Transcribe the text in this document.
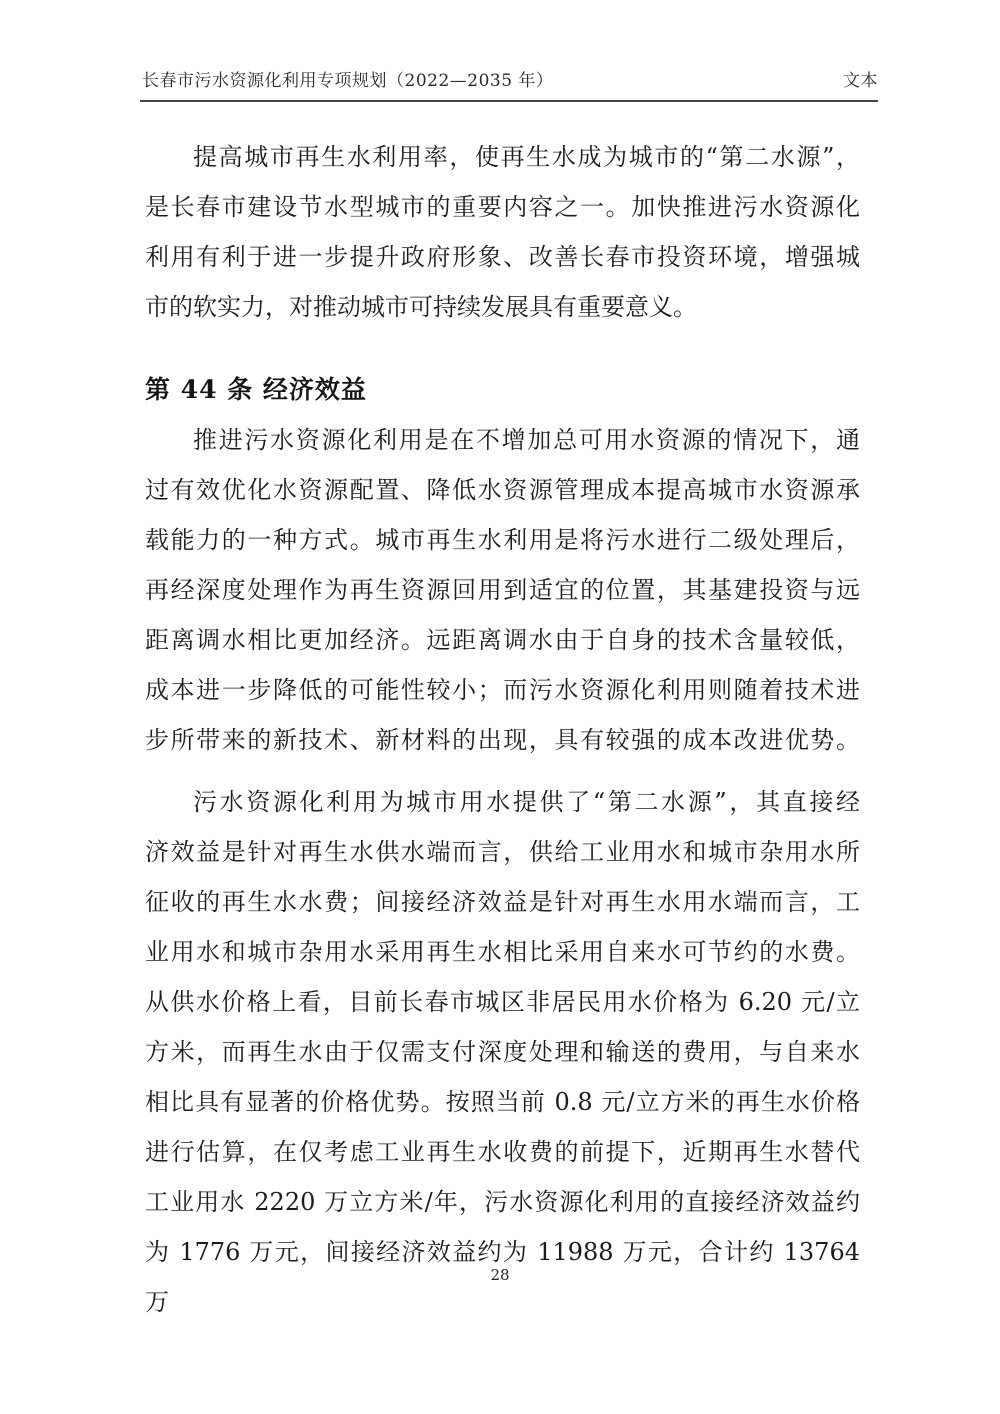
长春市污水资源化利用专项规划（2022—2035 年）	文本
提高城市再生水利用率，使再生水成为城市的“第二水源”，
是长春市建设节水型城市的重要内容之一。加快推进污水资源化
利用有利于进一步提升政府形象、改善长春市投资环境，增强城
市的软实力，对推动城市可持续发展具有重要意义。
第 44 条 经济效益
推进污水资源化利用是在不增加总可用水资源的情况下，通
过有效优化水资源配置、降低水资源管理成本提高城市水资源承
载能力的一种方式。城市再生水利用是将污水进行二级处理后，
再经深度处理作为再生资源回用到适宜的位置，其基建投资与远
距离调水相比更加经济。远距离调水由于自身的技术含量较低，
成本进一步降低的可能性较小；而污水资源化利用则随着技术进
步所带来的新技术、新材料的出现，具有较强的成本改进优势。
污水资源化利用为城市用水提供了“第二水源”，其直接经
济效益是针对再生水供水端而言，供给工业用水和城市杂用水所
征收的再生水水费；间接经济效益是针对再生水用水端而言，工
业用水和城市杂用水采用再生水相比采用自来水可节约的水费。
从供水价格上看，目前长春市城区非居民用水价格为 6.20 元/立
方米，而再生水由于仅需支付深度处理和输送的费用，与自来水
相比具有显著的价格优势。按照当前 0.8 元/立方米的再生水价格
进行估算，在仅考虑工业再生水收费的前提下，近期再生水替代
工业用水 2220 万立方米/年，污水资源化利用的直接经济效益约
为 1776 万元，间接经济效益约为 11988 万元，合计约 13764 万
28
